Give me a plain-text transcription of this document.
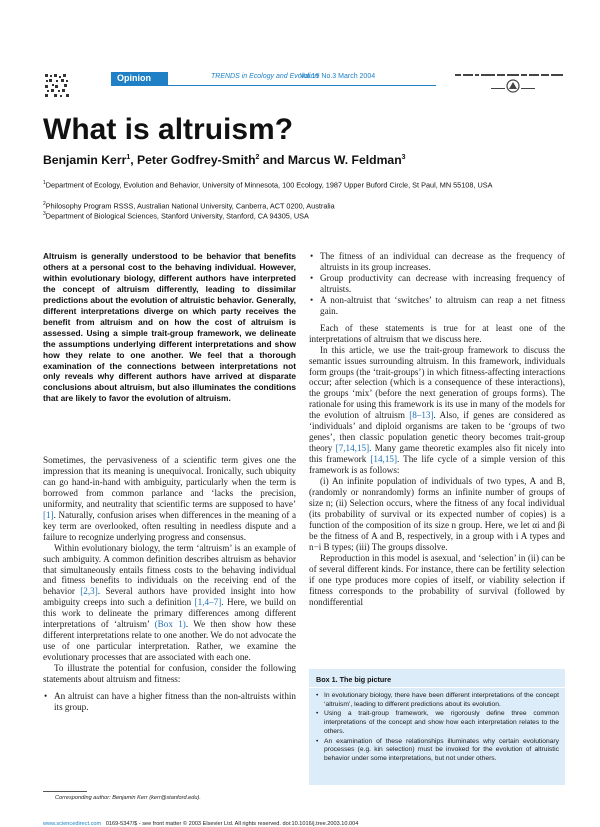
Opinion	TRENDS in Ecology and Evolution
Vol.19 No.3 March 2004
What is altruism?
Benjamin Kerr$^1$, Peter Godfrey-Smith$^2$ and Marcus W. Feldman$^3$
$^1$Department of Ecology, Evolution and Behavior, University of Minnesota, 100 Ecology, 1987 Upper Buford Circle, St Paul, MN 55108, USA
$^2$Philosophy Program RSSS, Australian National University, Canberra, ACT 0200, Australia
$^3$Department of Biological Sciences, Stanford University, Stanford, CA 94305, USA
Altruism is generally understood to be behavior that benefits others at a personal cost to the behaving individual. However, within evolutionary biology, different authors have interpreted the concept of altruism differently, leading to dissimilar predictions about the evolution of altruistic behavior. Generally, different interpretations diverge on which party receives the benefit from altruism and on how the cost of altruism is assessed. Using a simple trait-group framework, we delineate the assumptions underlying different interpretations and show how they relate to one another. We feel that a thorough examination of the connections between interpretations not only reveals why different authors have arrived at disparate conclusions about altruism, but also illuminates the conditions that are likely to favor the evolution of altruism.

Sometimes, the pervasiveness of a scientific term gives one the impression that its meaning is unequivocal. Ironically, such ubiquity can go hand-in-hand with ambiguity, particularly when the term is borrowed from common parlance and ‘lacks the precision, uniformity, and neutrality that scientific terms are supposed to have’ [1]. Naturally, confusion arises when differences in the meaning of a key term are overlooked, often resulting in needless dispute and a failure to recognize underlying progress and consensus.

Within evolutionary biology, the term ‘altruism’ is an example of such ambiguity. A common definition describes altruism as behavior that simultaneously entails fitness costs to the behaving individual and fitness benefits to individuals on the receiving end of the behavior [2,3]. Several authors have provided insight into how ambiguity creeps into such a definition [1,4–7]. Here, we build on this work to delineate the primary differences among different interpretations of ‘altruism’ (Box 1). We then show how these different interpretations relate to one another. We do not advocate the use of one particular interpretation. Rather, we examine the evolutionary processes that are associated with each one.

To illustrate the potential for confusion, consider the following statements about altruism and fitness:

• An altruist can have a higher fitness than the non-altruists within its group.

• The fitness of an individual can decrease as the frequency of altruists in its group increases.

• Group productivity can decrease with increasing frequency of altruists.

• A non-altruist that ‘switches’ to altruism can reap a net fitness gain.

Each of these statements is true for at least one of the interpretations of altruism that we discuss here.

In this article, we use the trait-group framework to discuss the semantic issues surrounding altruism. In this framework, individuals form groups (the ‘trait-groups’) in which fitness-affecting interactions occur; after selection (which is a consequence of these interactions), the groups ‘mix’ (before the next generation of groups forms). The rationale for using this framework is its use in many of the models for the evolution of altruism [8–13]. Also, if genes are considered as ‘individuals’ and diploid organisms are taken to be ‘groups of two genes’, then classic population genetic theory becomes trait-group theory [7,14,15]. Many game theoretic examples also fit nicely into this framework [14,15]. The life cycle of a simple version of this framework is as follows:

(i) An infinite population of individuals of two types, A and B, (randomly or nonrandomly) forms an infinite number of groups of size n; (ii) Selection occurs, where the fitness of any focal individual (its probability of survival or its expected number of copies) is a function of the composition of its size n group. Here, we let αi and βi be the fitness of A and B, respectively, in a group with i A types and n−i B types; (iii) The groups dissolve.

Reproduction in this model is asexual, and ‘selection’ in (ii) can be of several different kinds. For instance, there can be fertility selection if one type produces more copies of itself, or viability selection if fitness corresponds to the probability of survival (followed by nondifferential

Box 1. The big picture
• In evolutionary biology, there have been different interpretations of the concept ‘altruism’, leading to different predictions about its evolution.
• Using a trait-group framework, we rigorously define three common interpretations of the concept and show how each interpretation relates to the others.
• An examination of these relationships illuminates why certain evolutionary processes (e.g. kin selection) must be invoked for the evolution of altruistic behavior under some interpretations, but not under others.
Corresponding author: Benjamin Kerr (kerr@stanford.edu).
www.sciencedirect.com 0169-5347/$ - see front matter © 2003 Elsevier Ltd. All rights reserved. doi:10.1016/j.tree.2003.10.004
